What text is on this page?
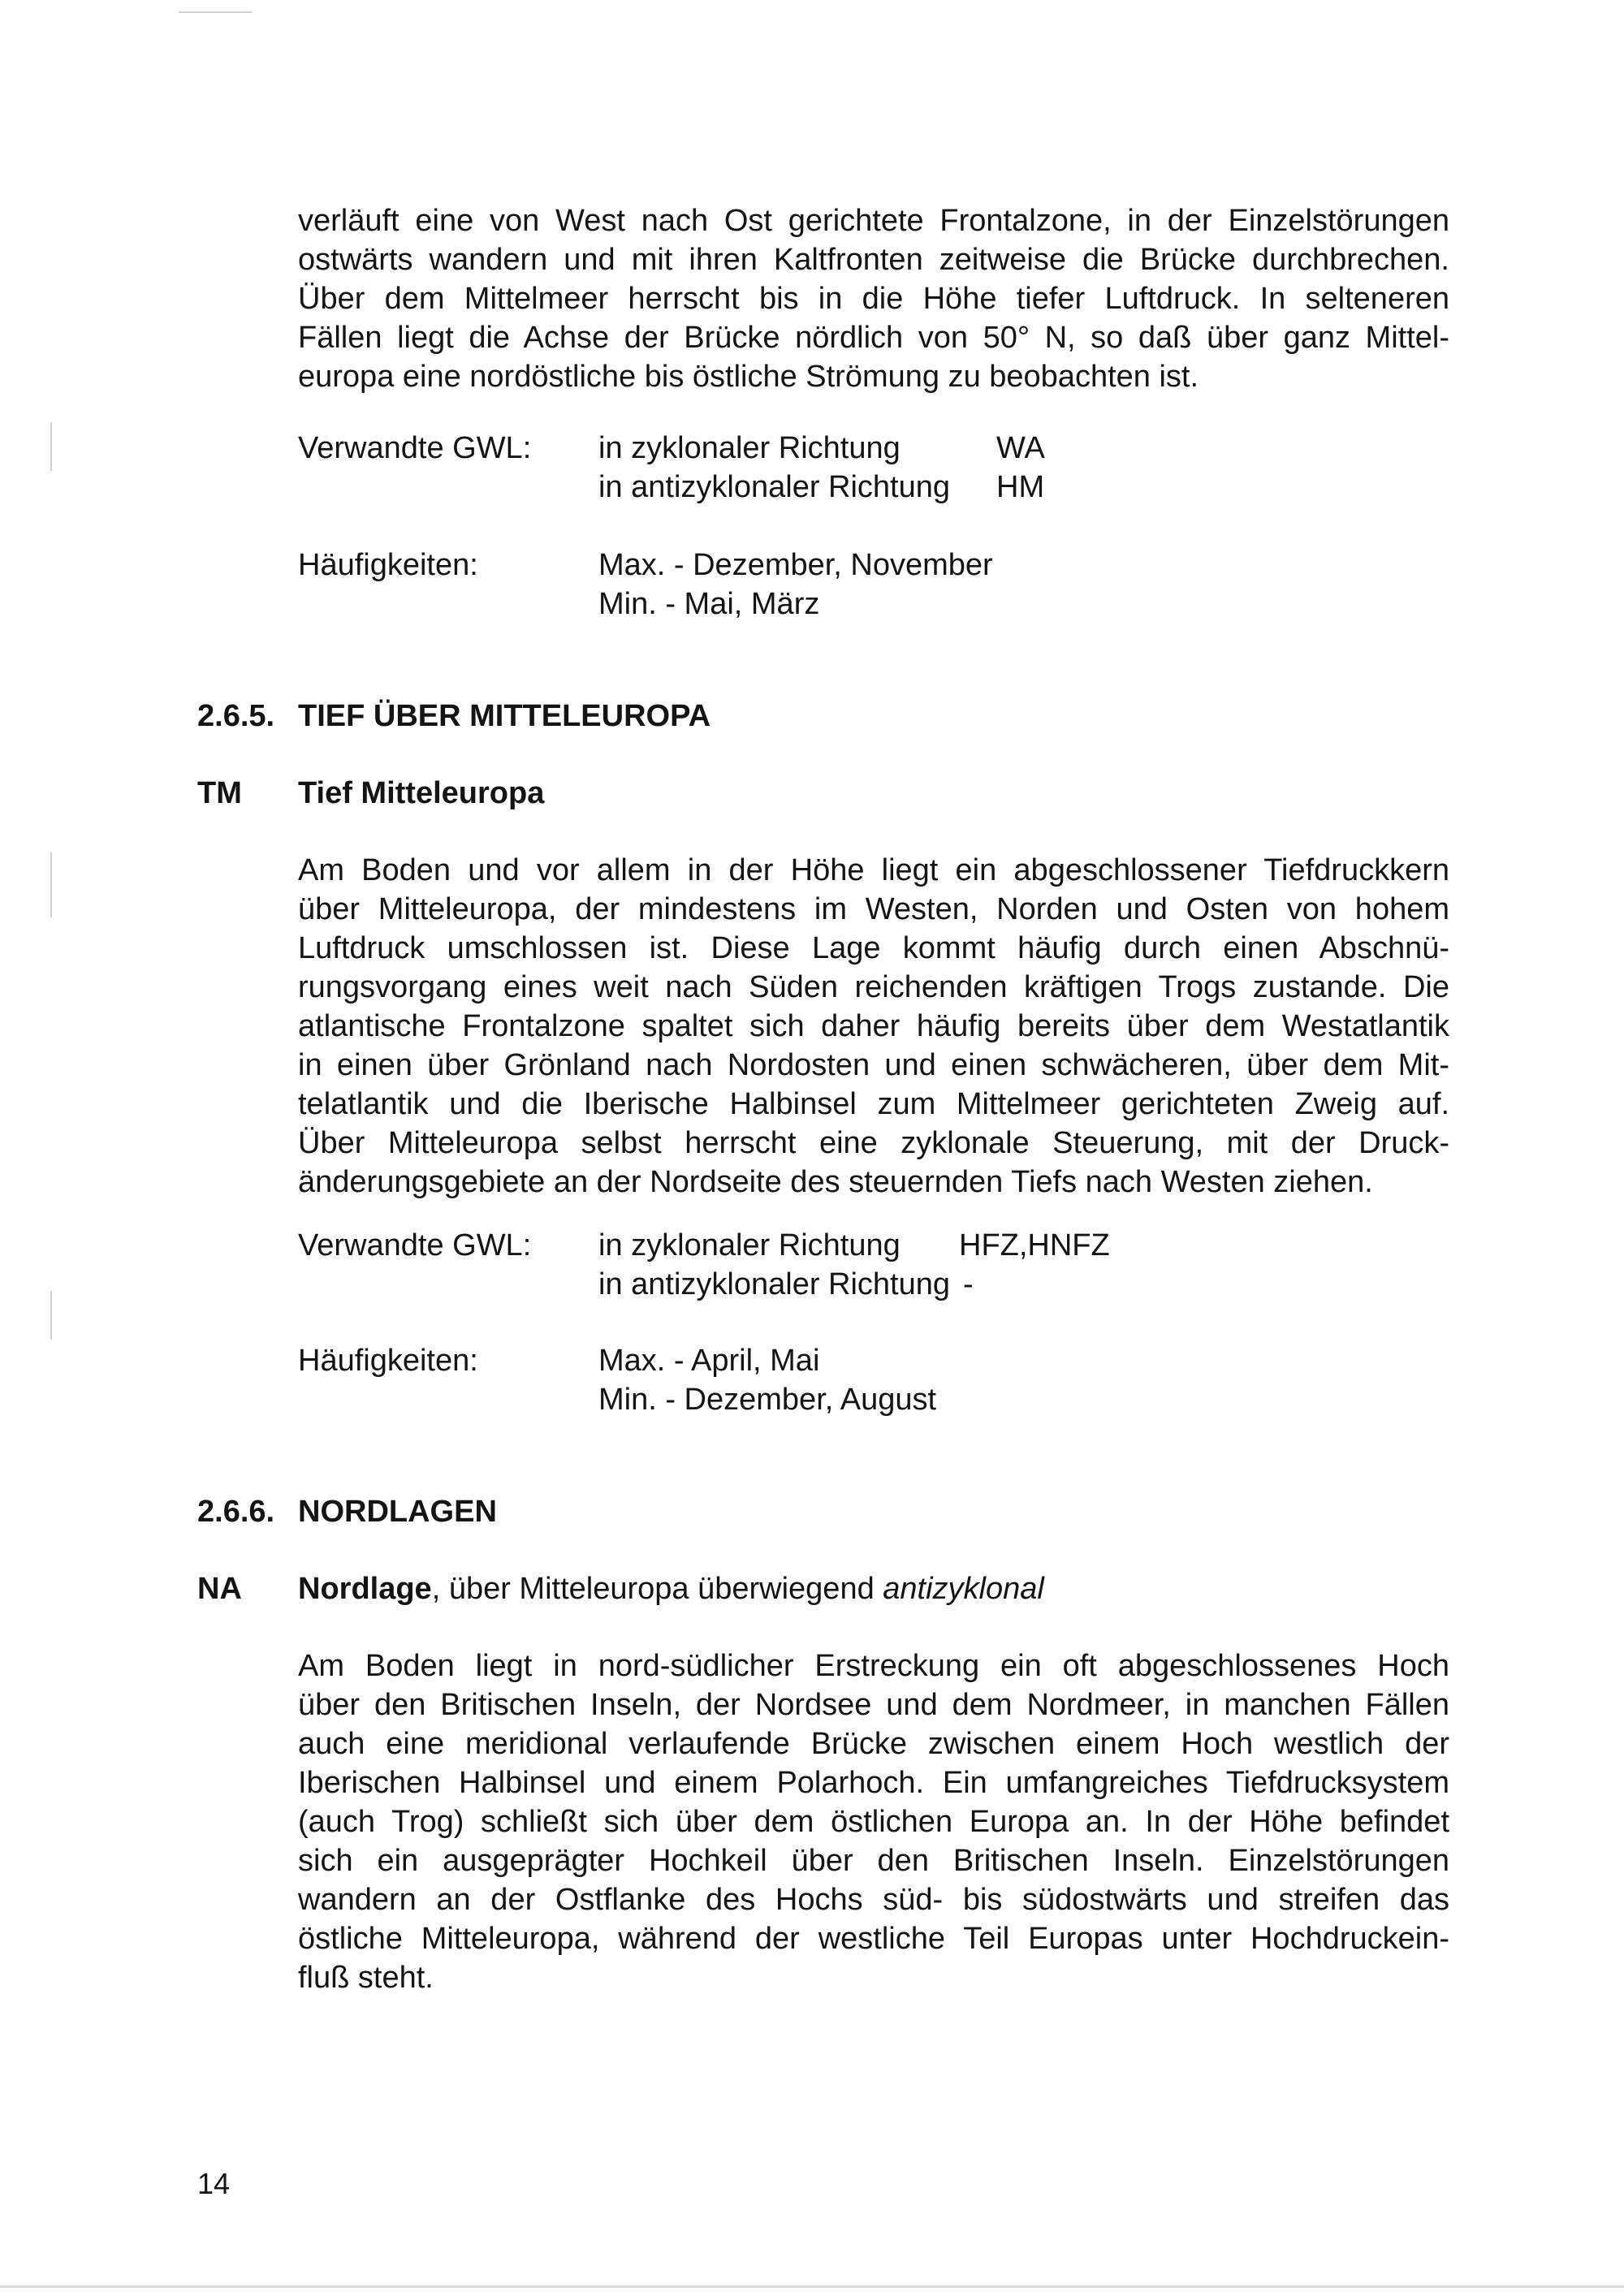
verläuft eine von West nach Ost gerichtete Frontalzone, in der Einzelstörungen
ostwärts wandern und mit ihren Kaltfronten zeitweise die Brücke durchbrechen.
Über dem Mittelmeer herrscht bis in die Höhe tiefer Luftdruck. In selteneren
Fällen liegt die Achse der Brücke nördlich von 50° N, so daß über ganz Mittel-
europa eine nordöstliche bis östliche Strömung zu beobachten ist.
Verwandte GWL: in zyklonaler Richtung	WA
in antizyklonaler Richtung HM
Häufigkeiten:	Max. - Dezember, November
Min. - Mai, März
2.6.5. TIEF ÜBER MITTELEUROPA
TM Tief Mitteleuropa
Am Boden und vor allem in der Höhe liegt ein abgeschlossener Tiefdruckkern
über Mitteleuropa, der mindestens im Westen, Norden und Osten von hohem
Luftdruck umschlossen ist. Diese Lage kommt häufig durch einen Abschnü-
rungsvorgang eines weit nach Süden reichenden kräftigen Trogs zustande. Die
atlantische Frontalzone spaltet sich daher häufig bereits über dem Westatlantik
in einen über Grönland nach Nordosten und einen schwächeren, über dem Mit-
telatlantik und die Iberische Halbinsel zum Mittelmeer gerichteten Zweig auf.
Über Mitteleuropa selbst herrscht eine zyklonale Steuerung, mit der Druck-
änderungsgebiete an der Nordseite des steuernden Tiefs nach Westen ziehen.
Verwandte GWL: in zyklonaler Richtung HFZ,HNFZ
in antizyklonaler Richtung -
Häufigkeiten:	Max. - April, Mai
Min. - Dezember, August
2.6.6. NORDLAGEN
NA Nordlage, über Mitteleuropa überwiegend antizyklonal
Am Boden liegt in nord-südlicher Erstreckung ein oft abgeschlossenes Hoch
über den Britischen Inseln, der Nordsee und dem Nordmeer, in manchen Fällen
auch eine meridional verlaufende Brücke zwischen einem Hoch westlich der
Iberischen Halbinsel und einem Polarhoch. Ein umfangreiches Tiefdrucksystem
(auch Trog) schließt sich über dem östlichen Europa an. In der Höhe befindet
sich ein ausgeprägter Hochkeil über den Britischen Inseln. Einzelstörungen
wandern an der Ostflanke des Hochs süd- bis südostwärts und streifen das
östliche Mitteleuropa, während der westliche Teil Europas unter Hochdruckein-
fluß steht.
14
